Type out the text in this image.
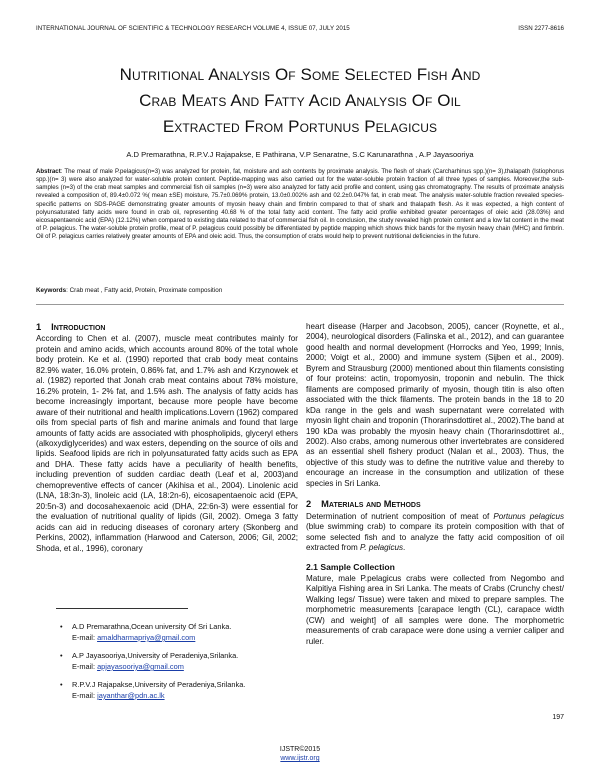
INTERNATIONAL JOURNAL OF SCIENTIFIC & TECHNOLOGY RESEARCH VOLUME 4, ISSUE 07, JULY 2015	ISSN 2277-8616
Nutritional Analysis Of Some Selected Fish And
Crab Meats And Fatty Acid Analysis Of Oil
Extracted From Portunus Pelagicus
A.D Premarathna, R.P.V.J Rajapakse, E Pathirana, V.P Senaratne, S.C Karunarathna , A.P Jayasooriya
Abstract: The meat of male P.pelagicus(n=3) was analyzed for protein, fat, moisture and ash contents by proximate analysis. The flesh of shark (Carcharhinus spp.)(n= 3),thalapath (Istiophorus spp.)(n= 3) were also analyzed for water-soluble protein content. Peptide-mapping was also carried out for the water-soluble protein fraction of all three types of samples. Moreover,the sub-samples (n=3) of the crab meat samples and commercial fish oil samples (n=3) were also analyzed for fatty acid profile and content, using gas chromatography. The results of proximate analysis revealed a composition of, 89.4±0.072 %( mean ±SE) moisture, 75.7±0.069% protein, 13.0±0.002% ash and 02.2±0.047% fat, in crab meat. The analysis water-soluble fraction revealed species-specific patterns on SDS-PAGE demonstrating greater amounts of myosin heavy chain and fimbrin compared to that of shark and thalapath flesh. As it was expected, a high content of polyunsaturated fatty acids were found in crab oil, representing 40.68 % of the total fatty acid content. The fatty acid profile exhibited greater percentages of oleic acid (28.03%) and eicosapentaenoic acid (EPA) (12.12%) when compared to existing data related to that of commercial fish oil. In conclusion, the study revealed high protein content and a low fat content in the meat of P. pelagicus. The water-soluble protein profile, meat of P. pelagicus could possibly be differentiated by peptide mapping which shows thick bands for the myosin heavy chain (MHC) and fimbrin. Oil of P. pelagicus carries relatively greater amounts of EPA and oleic acid. Thus, the consumption of crabs would help to prevent nutritional deficiencies in the future.
Keywords: Crab meat , Fatty acid, Protein, Proximate composition
1 Introduction

According to Chen et al. (2007), muscle meat contributes mainly for protein and amino acids, which accounts around 80% of the total whole body protein. Ke et al. (1990) reported that crab body meat contains 82.9% water, 16.0% protein, 0.86% fat, and 1.7% ash and Krzynowek et al. (1982) reported that Jonah crab meat contains about 78% moisture, 16.2% protein, 1- 2% fat, and 1.5% ash. The analysis of fatty acids has become increasingly important, because more people have become aware of their nutritional and health implications.Lovern (1962) compared oils from special parts of fish and marine animals and found that large amounts of fatty acids are associated with phospholipids, glyceryl ethers (alkoxydiglycerides) and wax esters, depending on the source of oils and lipids. Seafood lipids are rich in polyunsaturated fatty acids such as EPA and DHA. These fatty acids have a peculiarity of health benefits, including prevention of sudden cardiac death (Leaf et al, 2003)and chemopreventive effects of cancer (Akihisa et al., 2004). Linolenic acid (LNA, 18:3n-3), linoleic acid (LA, 18:2n-6), eicosapentaenoic acid (EPA, 20:5n-3) and docosahexaenoic acid (DHA, 22:6n-3) were essential for the evaluation of nutritional quality of lipids (Gil, 2002). Omega 3 fatty acids can aid in reducing diseases of coronary artery (Skonberg and Perkins, 2002), inflammation (Harwood and Caterson, 2006; Gil, 2002; Shoda, et al., 1996), coronary

heart disease (Harper and Jacobson, 2005), cancer (Roynette, et al., 2004), neurological disorders (Falinska et al., 2012), and can guarantee good health and normal development (Horrocks and Yeo, 1999; Innis, 2000; Voigt et al., 2000) and immune system (Sijben et al., 2009). Byrem and Strausburg (2000) mentioned about thin filaments consisting of four proteins: actin, tropomyosin, troponin and nebulin. The thick filaments are composed primarily of myosin, though titin is also often associated with the thick filaments. The protein bands in the 18 to 20 kDa range in the gels and wash supernatant were correlated with myosin light chain and troponin (Thorarinsdottiret al., 2002).The band at 190 kDa was probably the myosin heavy chain (Thorarinsdottiret al., 2002). Also crabs, among numerous other invertebrates are considered as an essential shell fishery product (Nalan et al., 2003). Thus, the objective of this study was to define the nutritive value and thereby to encourage an increase in the consumption and utilization of these species in Sri Lanka.

2 Materials and Methods

Determination of nutrient composition of meat of Portunus pelagicus (blue swimming crab) to compare its protein composition with that of some selected fish and to analyze the fatty acid composition of oil extracted from P. pelagicus.

2.1 Sample Collection

Mature, male P.pelagicus crabs were collected from Negombo and Kalpitiya Fishing area in Sri Lanka. The meats of Crabs (Crunchy chest/ Walking legs/ Tissue) were taken and mixed to prepare samples. The morphometric measurements [carapace length (CL), carapace width (CW) and weight] of all samples were done. The morphometric measurements of crab carapace were done using a vernier caliper and ruler.

• A.D Premarathna,Ocean university Of Sri Lanka.
E-mail: amaldharmapriya@gmail.com
• A.P Jayasooriya,University of Peradeniya,Srilanka.
E-mail: apjayasooriya@gmail.com
• R.P.V.J Rajapakse,University of Peradeniya,Srilanka.
E-mail: jayanthar@pdn.ac.lk
197
IJSTR©2015
www.ijstr.org
